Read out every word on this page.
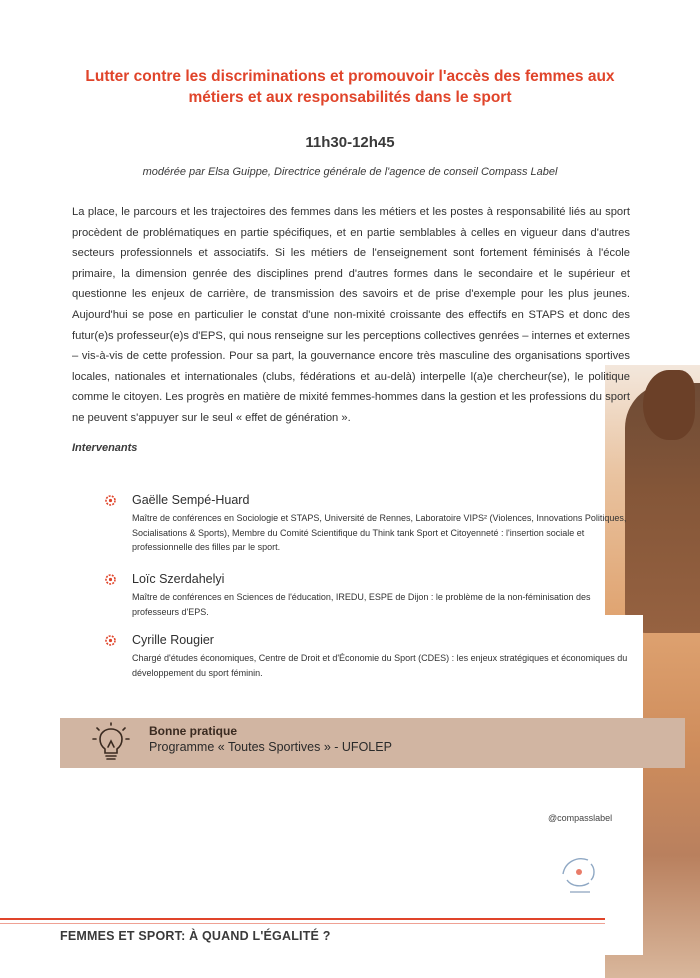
Lutter contre les discriminations et promouvoir l'accès des femmes aux métiers et aux responsabilités dans le sport
11h30-12h45
modérée par Elsa Guippe, Directrice générale de l'agence de conseil Compass Label

La place, le parcours et les trajectoires des femmes dans les métiers et les postes à responsabilité liés au sport procèdent de problématiques en partie spécifiques, et en partie semblables à celles en vigueur dans d'autres secteurs professionnels et associatifs. Si les métiers de l'enseignement sont fortement féminisés à l'école primaire, la dimension genrée des disciplines prend d'autres formes dans le secondaire et le supérieur et questionne les enjeux de carrière, de transmission des savoirs et de prise d'exemple pour les plus jeunes. Aujourd'hui se pose en particulier le constat d'une non-mixité croissante des effectifs en STAPS et donc des futur(e)s professeur(e)s d'EPS, qui nous renseigne sur les perceptions collectives genrées – internes et externes – vis-à-vis de cette profession. Pour sa part, la gouvernance encore très masculine des organisations sportives locales, nationales et internationales (clubs, fédérations et au-delà) interpelle l(a)e chercheur(se), le politique comme le citoyen. Les progrès en matière de mixité femmes-hommes dans la gestion et les professions du sport ne peuvent s'appuyer sur le seul « effet de génération ».

Intervenants
Gaëlle Sempé-Huard

Maître de conférences en Sociologie et STAPS, Université de Rennes, Laboratoire VIPS² (Violences, Innovations Politiques, Socialisations & Sports), Membre du Comité Scientifique du Think tank Sport et Citoyenneté : l'insertion sociale et professionnelle des filles par le sport.

Loïc Szerdahelyi

Maître de conférences en Sciences de l'éducation, IREDU, ESPE de Dijon : le problème de la non-féminisation des professeurs d'EPS.

Cyrille Rougier

Chargé d'études économiques, Centre de Droit et d'Économie du Sport (CDES) : les enjeux stratégiques et économiques du développement du sport féminin.

Bonne pratique
Programme « Toutes Sportives » - UFOLEP
@compasslabel
FEMMES ET SPORT: À QUAND L'ÉGALITÉ ?
